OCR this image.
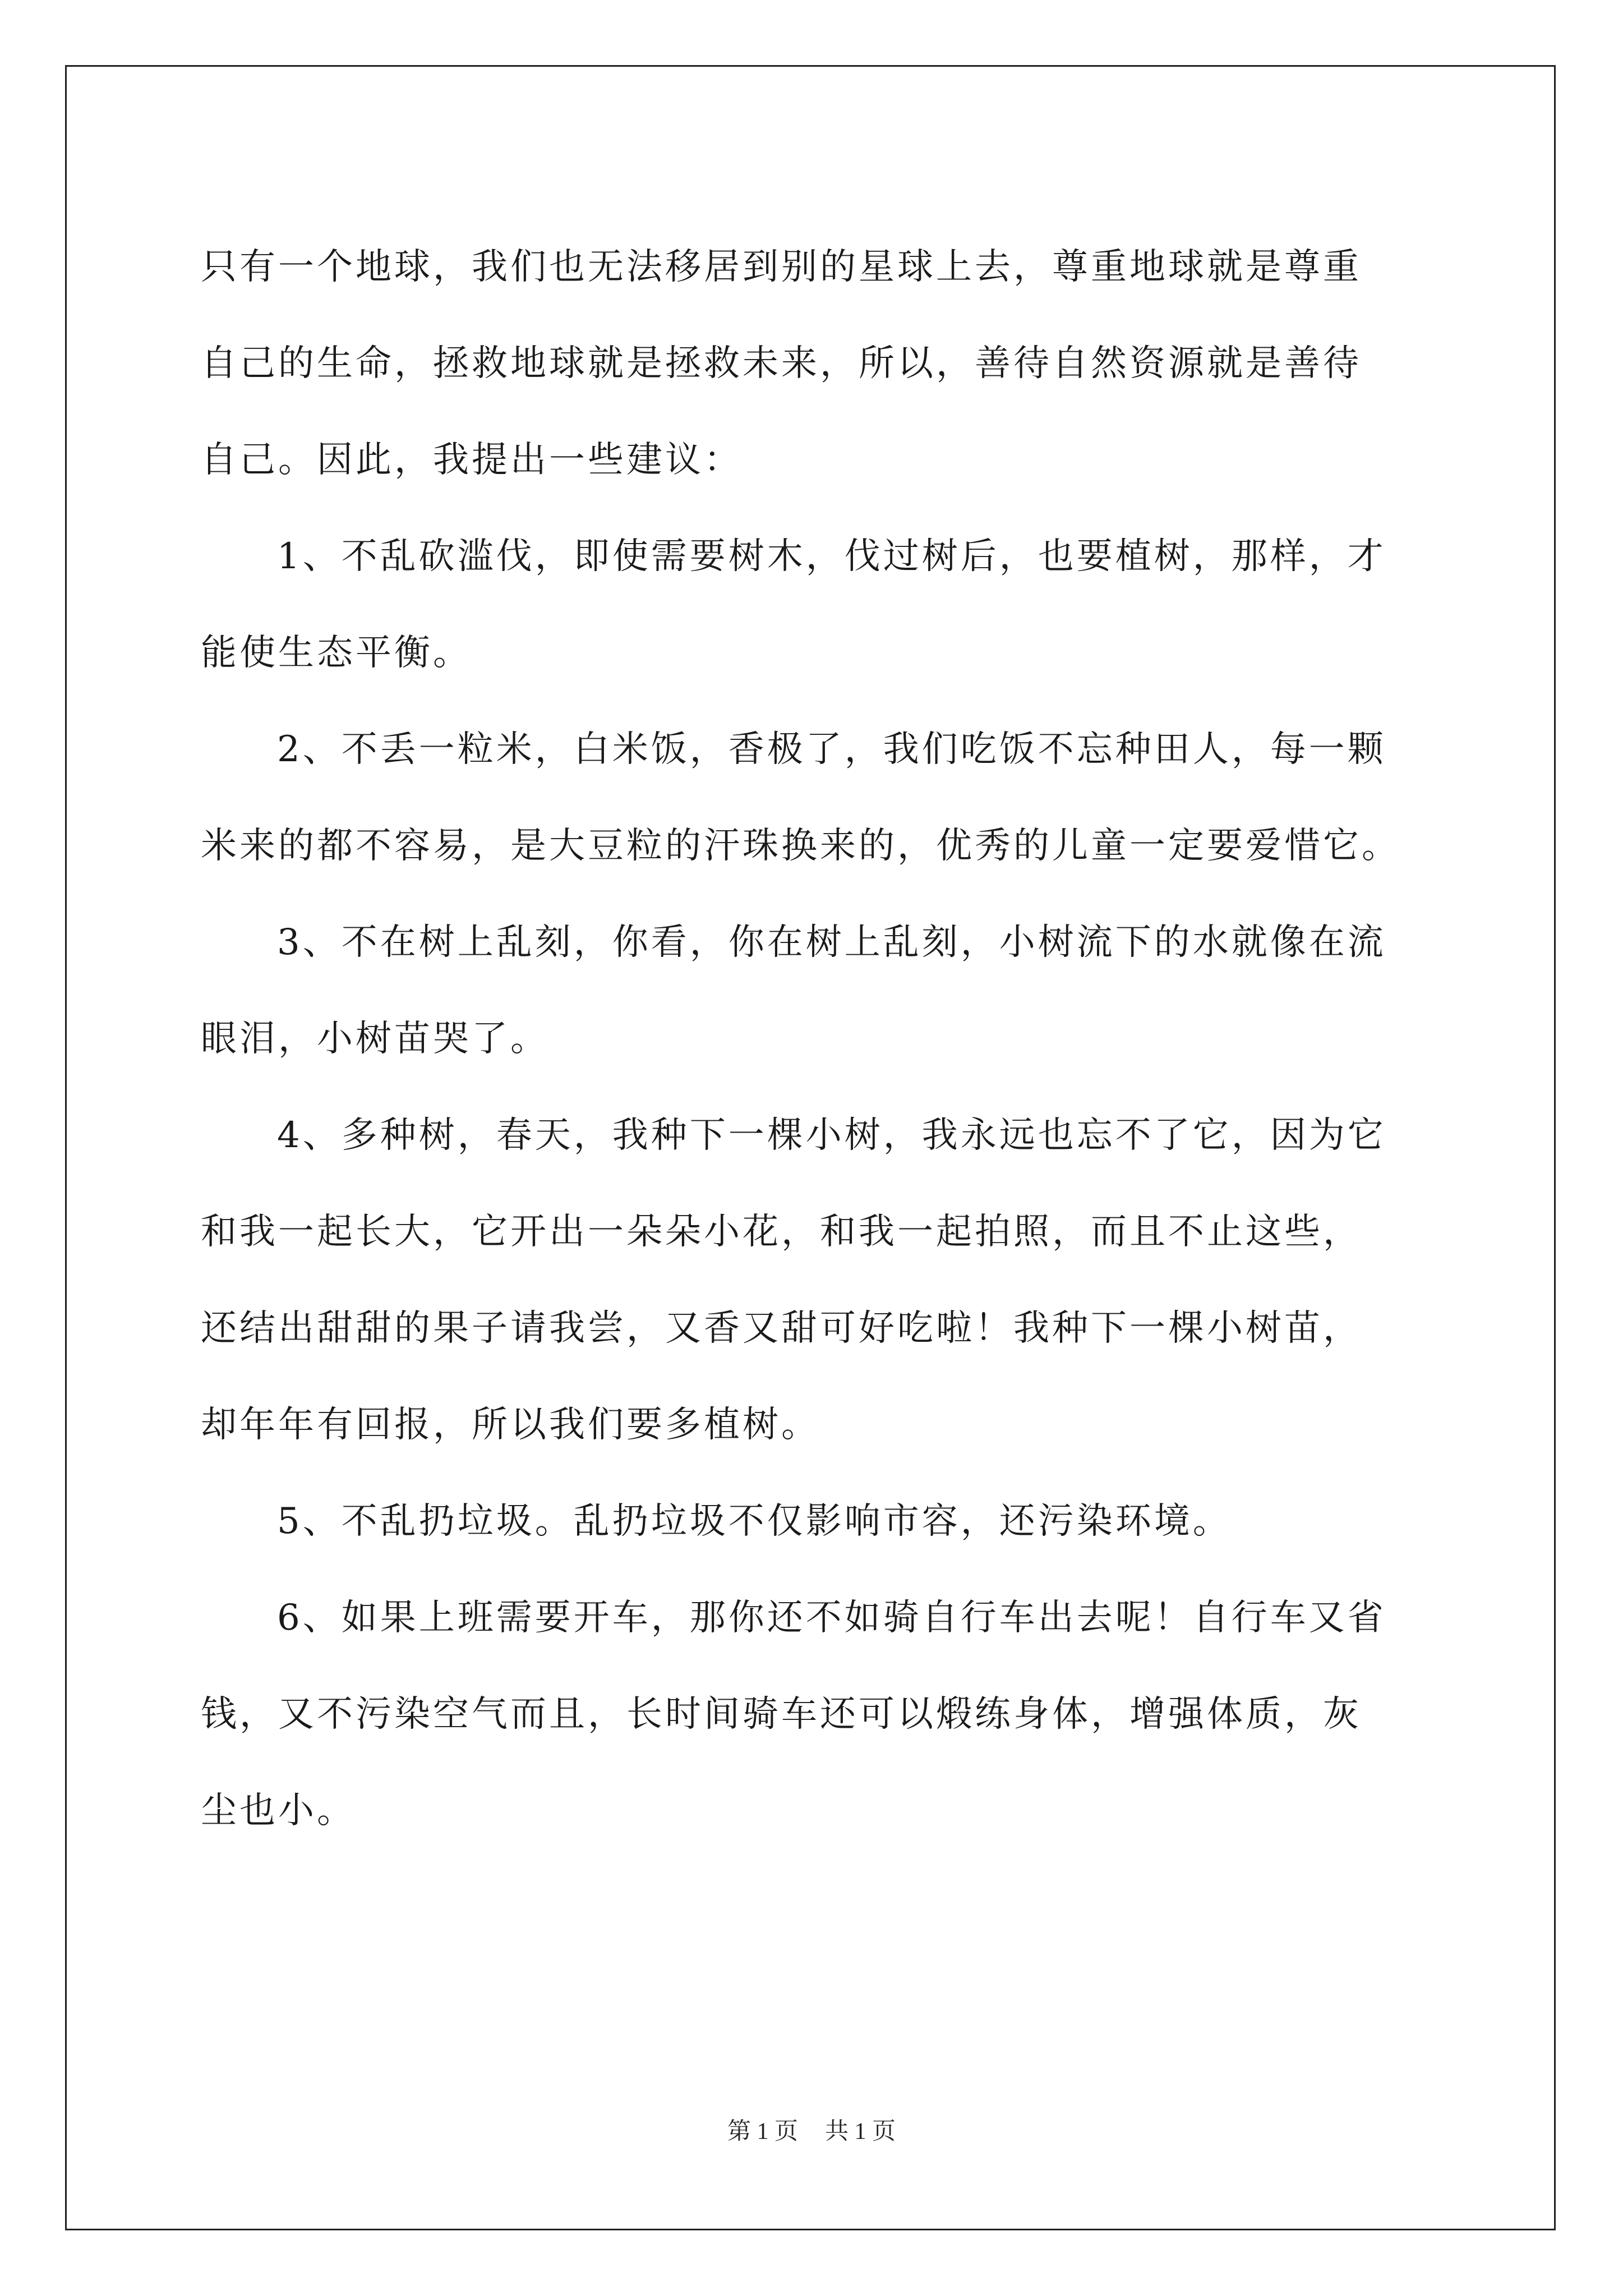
只有一个地球，我们也无法移居到别的星球上去，尊重地球就是尊重
自己的生命，拯救地球就是拯救未来，所以，善待自然资源就是善待
自己。因此，我提出一些建议：

1、不乱砍滥伐，即使需要树木，伐过树后，也要植树，那样，才
能使生态平衡。

2、不丢一粒米，白米饭，香极了，我们吃饭不忘种田人，每一颗
米来的都不容易，是大豆粒的汗珠换来的，优秀的儿童一定要爱惜它。

3、不在树上乱刻，你看，你在树上乱刻，小树流下的水就像在流
眼泪，小树苗哭了。

4、多种树，春天，我种下一棵小树，我永远也忘不了它，因为它
和我一起长大，它开出一朵朵小花，和我一起拍照，而且不止这些，
还结出甜甜的果子请我尝，又香又甜可好吃啦！我种下一棵小树苗，
却年年有回报，所以我们要多植树。

5、不乱扔垃圾。乱扔垃圾不仅影响市容，还污染环境。

6、如果上班需要开车，那你还不如骑自行车出去呢！自行车又省
钱，又不污染空气而且，长时间骑车还可以煅练身体，增强体质，灰
尘也小。

第 1 页 共 1 页
